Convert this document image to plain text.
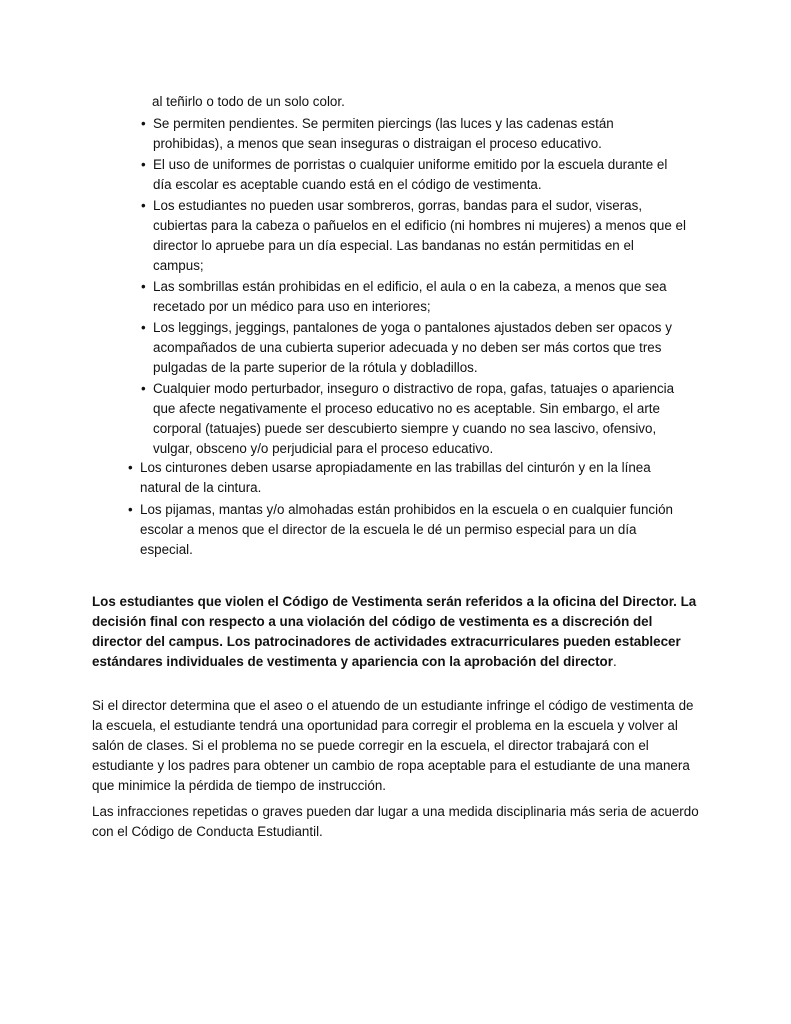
al teñirlo o todo de un solo color.

• Se permiten pendientes. Se permiten piercings (las luces y las cadenas están prohibidas), a menos que sean inseguras o distraigan el proceso educativo.
• El uso de uniformes de porristas o cualquier uniforme emitido por la escuela durante el día escolar es aceptable cuando está en el código de vestimenta.
• Los estudiantes no pueden usar sombreros, gorras, bandas para el sudor, viseras, cubiertas para la cabeza o pañuelos en el edificio (ni hombres ni mujeres) a menos que el director lo apruebe para un día especial. Las bandanas no están permitidas en el campus;
• Las sombrillas están prohibidas en el edificio, el aula o en la cabeza, a menos que sea recetado por un médico para uso en interiores;
• Los leggings, jeggings, pantalones de yoga o pantalones ajustados deben ser opacos y acompañados de una cubierta superior adecuada y no deben ser más cortos que tres pulgadas de la parte superior de la rótula y dobladillos.
• Cualquier modo perturbador, inseguro o distractivo de ropa, gafas, tatuajes o apariencia que afecte negativamente el proceso educativo no es aceptable. Sin embargo, el arte corporal (tatuajes) puede ser descubierto siempre y cuando no sea lascivo, ofensivo, vulgar, obsceno y/o perjudicial para el proceso educativo.
• Los cinturones deben usarse apropiadamente en las trabillas del cinturón y en la línea natural de la cintura.
• Los pijamas, mantas y/o almohadas están prohibidos en la escuela o en cualquier función escolar a menos que el director de la escuela le dé un permiso especial para un día especial.

Los estudiantes que violen el Código de Vestimenta serán referidos a la oficina del Director. La decisión final con respecto a una violación del código de vestimenta es a discreción del director del campus. Los patrocinadores de actividades extracurriculares pueden establecer estándares individuales de vestimenta y apariencia con la aprobación del director.

Si el director determina que el aseo o el atuendo de un estudiante infringe el código de vestimenta de la escuela, el estudiante tendrá una oportunidad para corregir el problema en la escuela y volver al salón de clases. Si el problema no se puede corregir en la escuela, el director trabajará con el estudiante y los padres para obtener un cambio de ropa aceptable para el estudiante de una manera que minimice la pérdida de tiempo de instrucción.

Las infracciones repetidas o graves pueden dar lugar a una medida disciplinaria más seria de acuerdo con el Código de Conducta Estudiantil.
